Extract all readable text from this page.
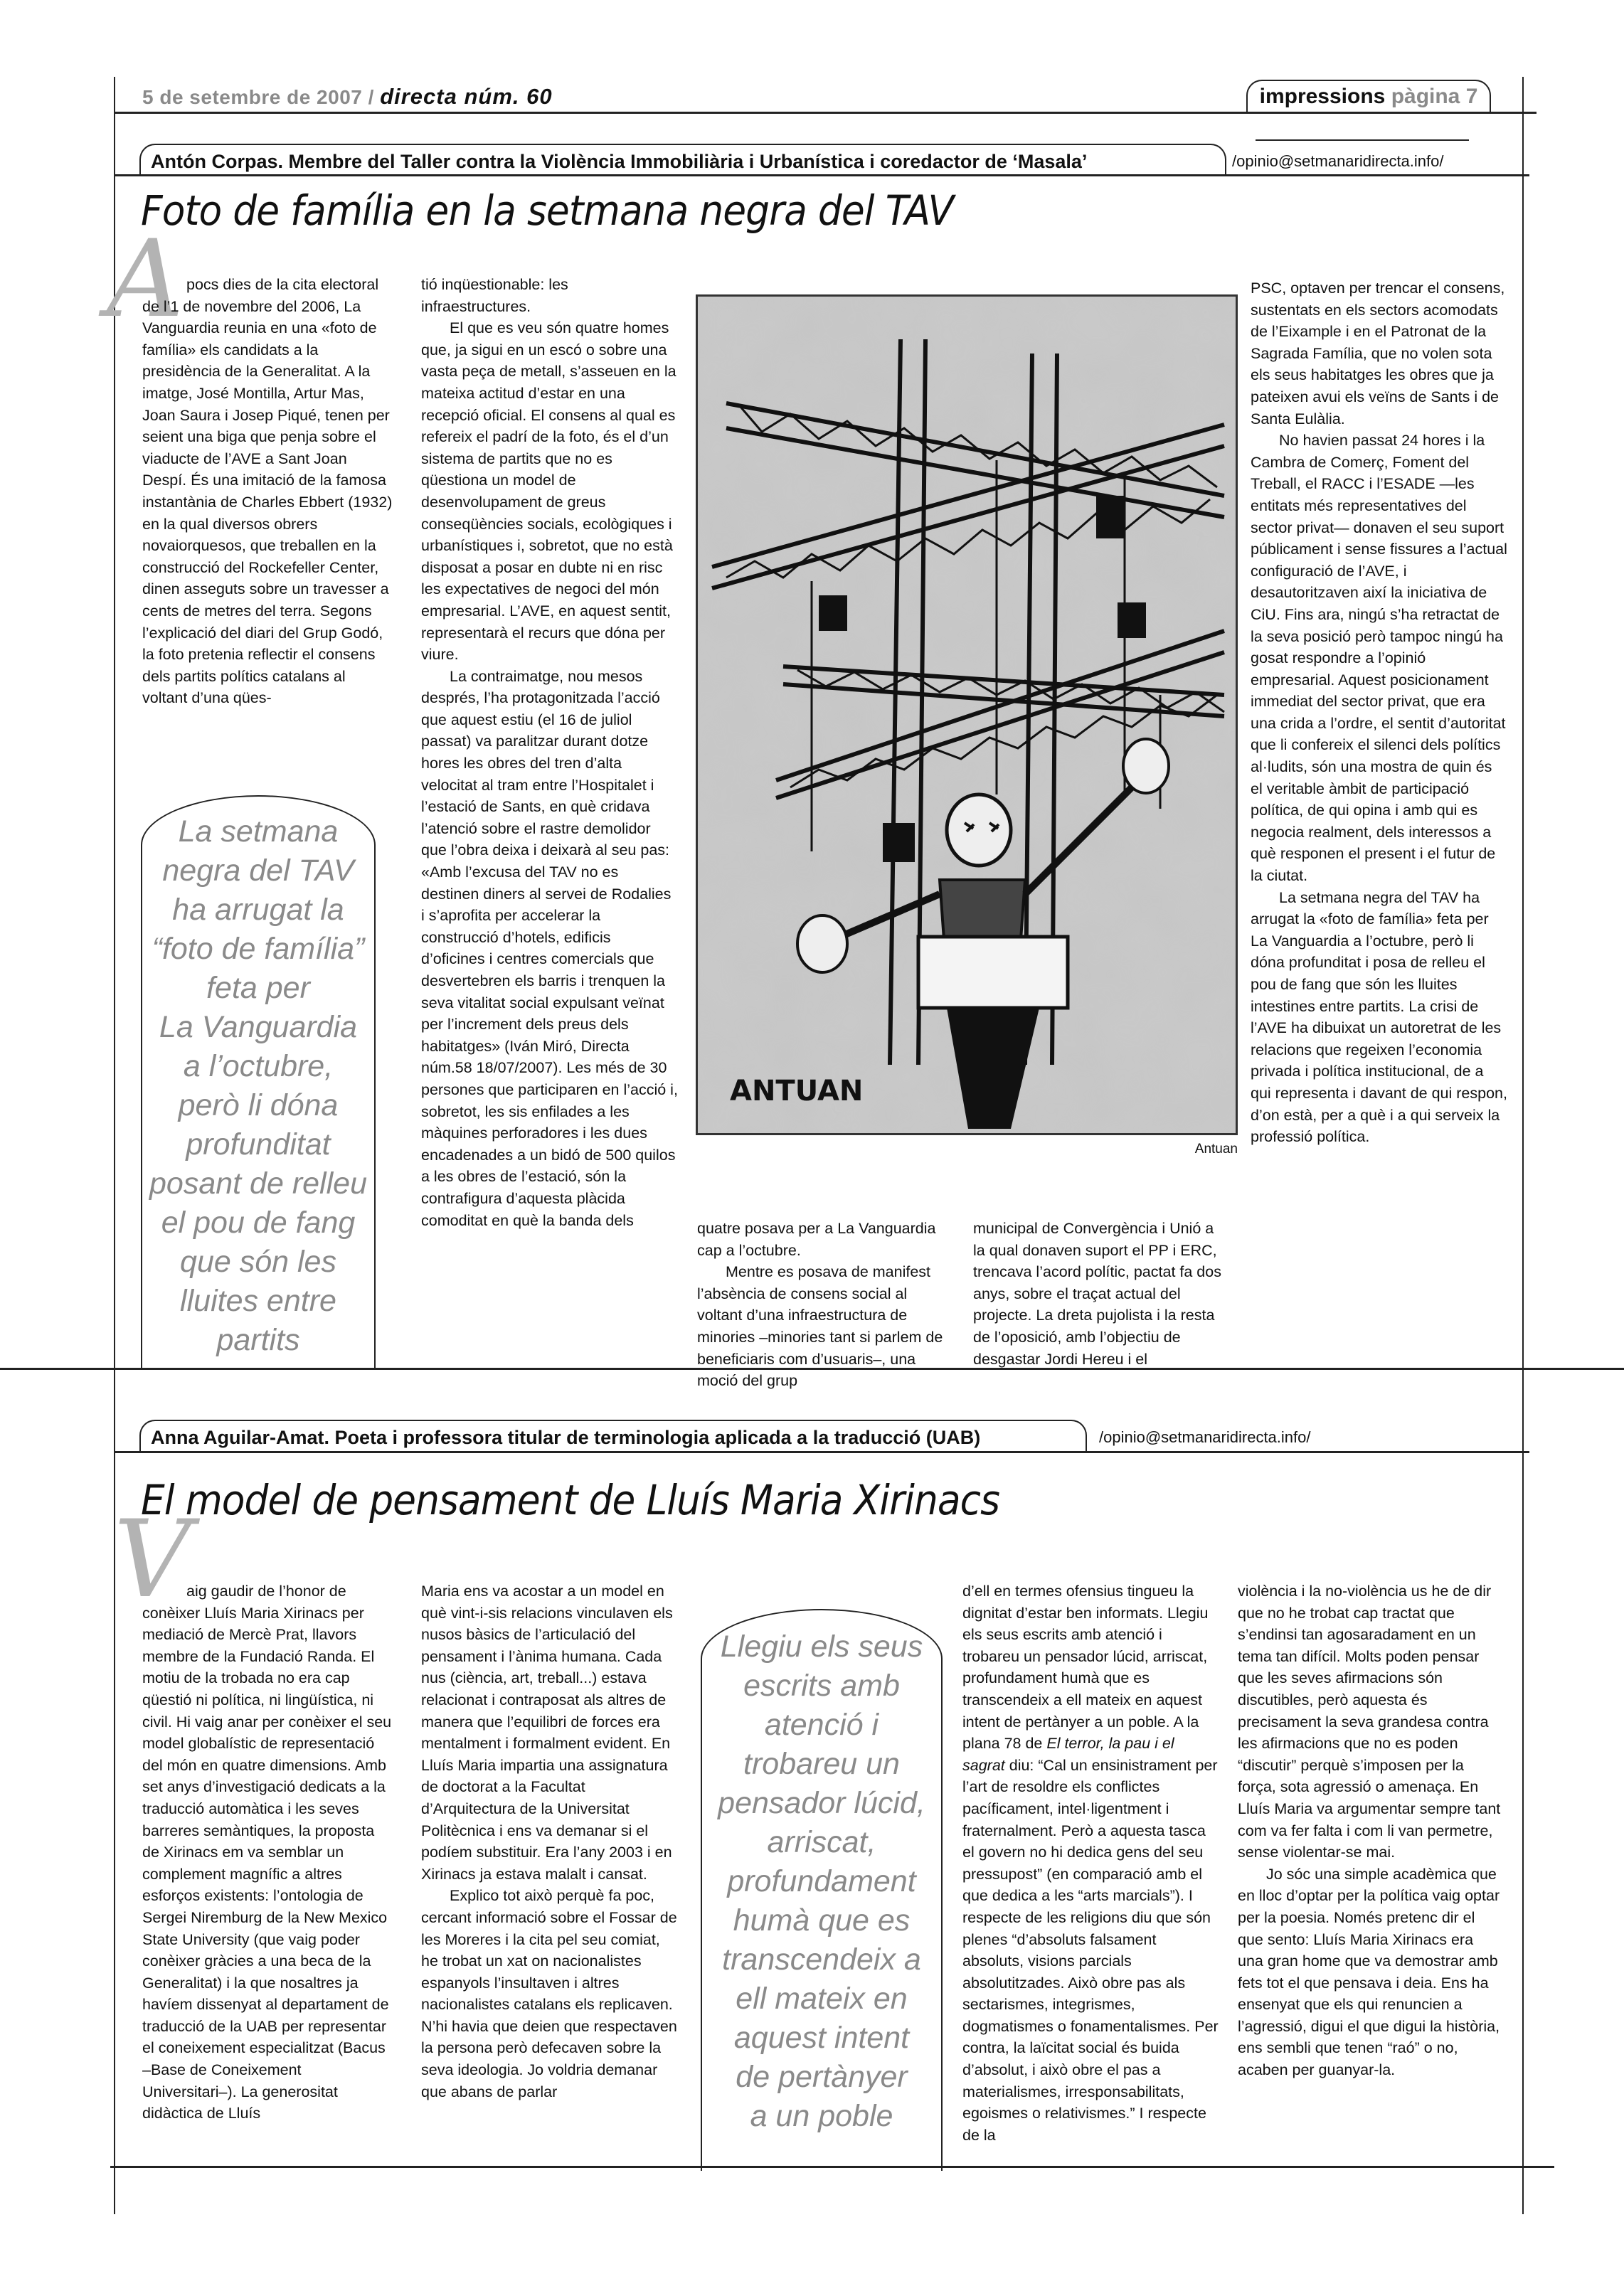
5 de setembre de 2007 / directa núm. 60	impressions pàgina 7
Antón Corpas. Membre del Taller contra la Violència Immobiliària i Urbanística i coredactor de ‘Masala’	/opinio@setmanaridirecta.info/
Foto de família en la setmana negra del TAV
A pocs dies de la cita electoral de l’1 de novembre del 2006, La Vanguardia reunia en una «foto de família» els candidats a la presidència de la Generalitat. A la imatge, José Montilla, Artur Mas, Joan Saura i Josep Piqué, tenen per seient una biga que penja sobre el viaducte de l’AVE a Sant Joan Despí. És una imitació de la famosa instantània de Charles Ebbert (1932) en la qual diversos obrers novaiorquesos, que treballen en la construcció del Rockefeller Center, dinen asseguts sobre un travesser a cents de metres del terra. Segons l’explicació del diari del Grup Godó, la foto pretenia reflectir el consens dels partits polítics catalans al voltant d’una qües-

tió inqüestionable: les infraestructures.

El que es veu són quatre homes que, ja sigui en un escó o sobre una vasta peça de metall, s’asseuen en la mateixa actitud d’estar en una recepció oficial. El consens al qual es refereix el padrí de la foto, és el d’un sistema de partits que no es qüestiona un model de desenvolupament de greus conseqüències socials, ecològiques i urbanístiques i, sobretot, que no està disposat a posar en dubte ni en risc les expectatives de negoci del món empresarial. L’AVE, en aquest sentit, representarà el recurs que dóna per viure.

La contraimatge, nou mesos després, l’ha protagonitzada l’acció que aquest estiu (el 16 de juliol passat) va paralitzar durant dotze hores les obres del tren d’alta velocitat al tram entre l’Hospitalet i l’estació de Sants, en què cridava l’atenció sobre el rastre demolidor que l’obra deixa i deixarà al seu pas: «Amb l’excusa del TAV no es destinen diners al servei de Rodalies i s’aprofita per accelerar la construcció d’hotels, edificis d’oficines i centres comercials que desvertebren els barris i trenquen la seva vitalitat social expulsant veïnat per l’increment dels preus dels habitatges» (Iván Miró, Directa núm.58 18/07/2007). Les més de 30 persones que participaren en l’acció i, sobretot, les sis enfilades a les màquines perforadores i les dues encadenades a un bidó de 500 quilos a les obres de l’estació, són la contrafigura d’aquesta plàcida comoditat en què la banda dels

La setmana
negra del TAV
ha arrugat la
“foto de família”
feta per
La Vanguardia
a l’octubre,
però li dóna
profunditat
posant de relleu
el pou de fang
que són les
lluites entre
partits
ANTUAN
Antuan

quatre posava per a La Vanguardia cap a l’octubre.

Mentre es posava de manifest l’absència de consens social al voltant d’una infraestructura de minories –minories tant si parlem de beneficiaris com d’usuaris–, una moció del grup

municipal de Convergència i Unió a la qual donaven suport el PP i ERC, trencava l’acord polític, pactat fa dos anys, sobre el traçat actual del projecte. La dreta pujolista i la resta de l’oposició, amb l’objectiu de desgastar Jordi Hereu i el

PSC, optaven per trencar el consens, sustentats en els sectors acomodats de l’Eixample i en el Patronat de la Sagrada Família, que no volen sota els seus habitatges les obres que ja pateixen avui els veïns de Sants i de Santa Eulàlia.

No havien passat 24 hores i la Cambra de Comerç, Foment del Treball, el RACC i l’ESADE —les entitats més representatives del sector privat— donaven el seu suport públicament i sense fissures a l’actual configuració de l’AVE, i desautoritzaven així la iniciativa de CiU. Fins ara, ningú s’ha retractat de la seva posició però tampoc ningú ha gosat respondre a l’opinió empresarial. Aquest posicionament immediat del sector privat, que era una crida a l’ordre, el sentit d’autoritat que li confereix el silenci dels polítics al·ludits, són una mostra de quin és el veritable àmbit de participació política, de qui opina i amb qui es negocia realment, dels interessos a què responen el present i el futur de la ciutat.

La setmana negra del TAV ha arrugat la «foto de família» feta per La Vanguardia a l’octubre, però li dóna profunditat i posa de relleu el pou de fang que són les lluites intestines entre partits. La crisi de l’AVE ha dibuixat un autoretrat de les relacions que regeixen l’economia privada i política institucional, de a qui representa i davant de qui respon, d’on està, per a què i a qui serveix la professió política.

Anna Aguilar-Amat. Poeta i professora titular de terminologia aplicada a la traducció (UAB)	/opinio@setmanaridirecta.info/
El model de pensament de Lluís Maria Xirinacs
V

aig gaudir de l’honor de conèixer Lluís Maria Xirinacs per mediació de Mercè Prat, llavors membre de la Fundació Randa. El motiu de la trobada no era cap qüestió ni política, ni lingüística, ni civil. Hi vaig anar per conèixer el seu model globalístic de representació del món en quatre dimensions. Amb set anys d’investigació dedicats a la traducció automàtica i les seves barreres semàntiques, la proposta de Xirinacs em va semblar un complement magnífic a altres esforços existents: l’ontologia de Sergei Niremburg de la New Mexico State University (que vaig poder conèixer gràcies a una beca de la Generalitat) i la que nosaltres ja havíem dissenyat al departament de traducció de la UAB per representar el coneixement especialitzat (Bacus –Base de Coneixement Universitari–). La generositat didàctica de Lluís

Maria ens va acostar a un model en què vint-i-sis relacions vinculaven els nusos bàsics de l’articulació del pensament i l’ànima humana. Cada nus (ciència, art, treball...) estava relacionat i contraposat als altres de manera que l’equilibri de forces era mentalment i formalment evident. En Lluís Maria impartia una assignatura de doctorat a la Facultat d’Arquitectura de la Universitat Politècnica i ens va demanar si el podíem substituir. Era l’any 2003 i en Xirinacs ja estava malalt i cansat.

Explico tot això perquè fa poc, cercant informació sobre el Fossar de les Moreres i la cita pel seu comiat, he trobat un xat on nacionalistes espanyols l’insultaven i altres nacionalistes catalans els replicaven. N’hi havia que deien que respectaven la persona però defecaven sobre la seva ideologia. Jo voldria demanar que abans de parlar

Llegiu els seus
escrits amb
atenció i
trobareu un
pensador lúcid,
arriscat,
profundament
humà que es
transcendeix a
ell mateix en
aquest intent
de pertànyer
a un poble

d’ell en termes ofensius tingueu la dignitat d’estar ben informats. Llegiu els seus escrits amb atenció i trobareu un pensador lúcid, arriscat, profundament humà que es transcendeix a ell mateix en aquest intent de pertànyer a un poble. A la plana 78 de El terror, la pau i el sagrat diu: “Cal un ensinistrament per l’art de resoldre els conflictes pacíficament, intel·ligentment i fraternalment. Però a aquesta tasca el govern no hi dedica gens del seu pressupost” (en comparació amb el que dedica a les “arts marcials”). I respecte de les religions diu que són plenes “d’absoluts falsament absoluts, visions parcials absolutitzades. Això obre pas als sectarismes, integrismes, dogmatismes o fonamentalismes. Per contra, la laïcitat social és buida d’absolut, i això obre el pas a materialismes, irresponsabilitats, egoismes o relativismes.” I respecte de la

violència i la no-violència us he de dir que no he trobat cap tractat que s’endinsi tan agosaradament en un tema tan difícil. Molts poden pensar que les seves afirmacions són discutibles, però aquesta és precisament la seva grandesa contra les afirmacions que no es poden “discutir” perquè s’imposen per la força, sota agressió o amenaça. En Lluís Maria va argumentar sempre tant com va fer falta i com li van permetre, sense violentar-se mai.

Jo sóc una simple acadèmica que en lloc d’optar per la política vaig optar per la poesia. Només pretenc dir el que sento: Lluís Maria Xirinacs era una gran home que va demostrar amb fets tot el que pensava i deia. Ens ha ensenyat que els qui renuncien a l’agressió, digui el que digui la història, ens sembli que tenen “raó” o no, acaben per guanyar-la.
